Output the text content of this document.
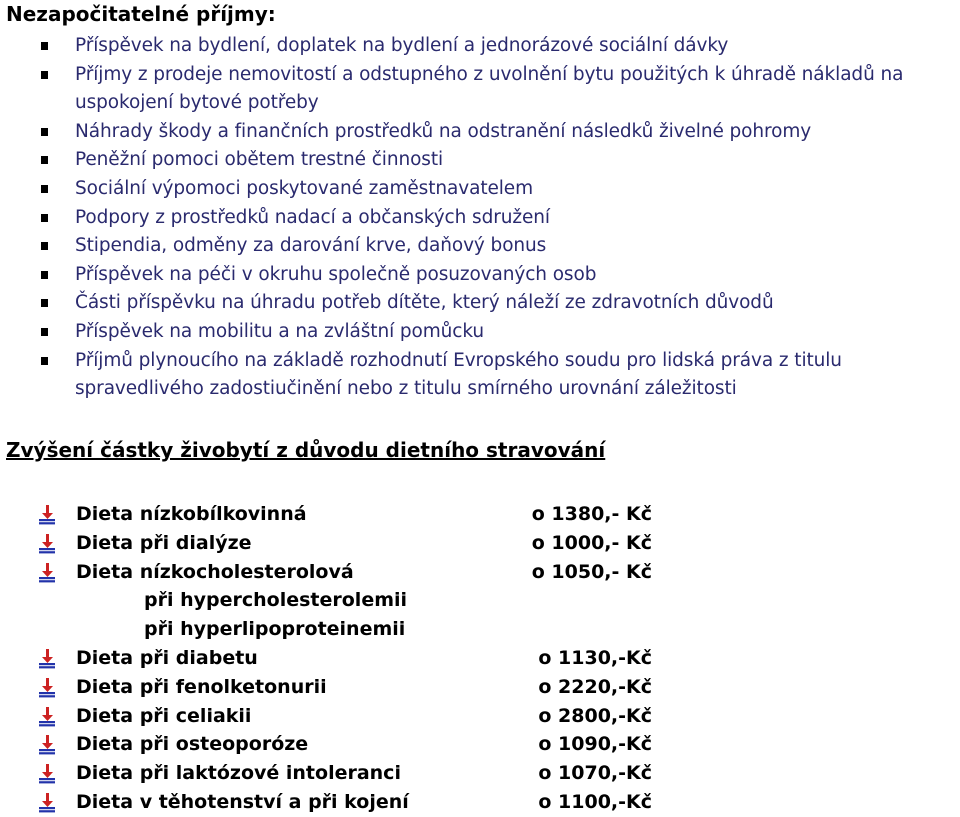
Nezapočitatelné příjmy:
Příspěvek na bydlení, doplatek na bydlení a jednorázové sociální dávky
Příjmy z prodeje nemovitostí a odstupného z uvolnění bytu použitých k úhradě nákladů na uspokojení bytové potřeby
Náhrady škody a finančních prostředků na odstranění následků živelné pohromy
Peněžní pomoci obětem trestné činnosti
Sociální výpomoci poskytované zaměstnavatelem
Podpory z prostředků nadací a občanských sdružení
Stipendia, odměny za darování krve, daňový bonus
Příspěvek na péči v okruhu společně posuzovaných osob
Části příspěvku na úhradu potřeb dítěte, který náleží ze zdravotních důvodů
Příspěvek na mobilitu a na zvláštní pomůcku
Příjmů plynoucího na základě rozhodnutí Evropského soudu pro lidská práva z titulu spravedlivého zadostiučinění nebo z titulu smírného urovnání záležitosti
Zvýšení částky živobytí z důvodu dietního stravování
Dieta nízkobílkovinná	o 1380,- Kč
Dieta při dialýze	o 1000,- Kč
Dieta nízkocholesterolová	o 1050,- Kč
při hypercholesterolemii
při hyperlipoproteinemii
Dieta při diabetu	o 1130,-Kč
Dieta při fenolketonurii	o 2220,-Kč
Dieta při celiakii	o 2800,-Kč
Dieta při osteoporóze	o 1090,-Kč
Dieta při laktózové intoleranci	o 1070,-Kč
Dieta v těhotenství a při kojení	o 1100,-Kč
